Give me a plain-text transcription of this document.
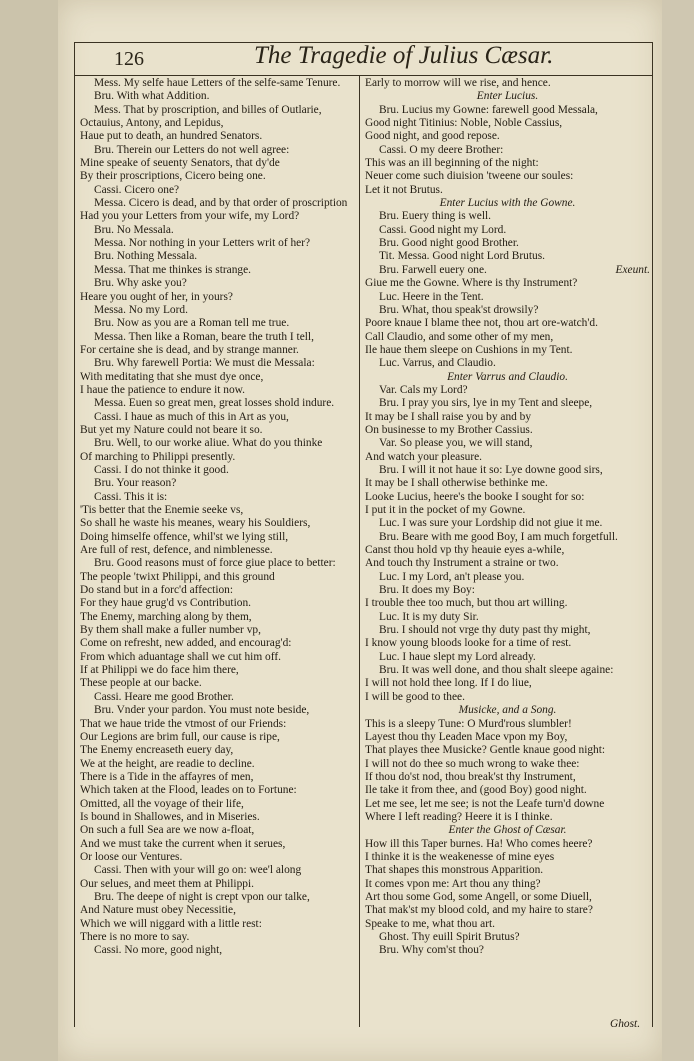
126	The Tragedie of Julius Cæsar.
Mess. My selfe haue Letters of the selfe-same Tenure.
Bru. With what Addition.
Mess. That by proscription, and billes of Outlarie,
Octauius, Antony, and Lepidus,
Haue put to death, an hundred Senators.
Bru. Therein our Letters do not well agree:
Mine speake of seuenty Senators, that dy'de
By their proscriptions, Cicero being one.
Cassi. Cicero one?
Messa. Cicero is dead, and by that order of proscription
Had you your Letters from your wife, my Lord?
Bru. No Messala.
Messa. Nor nothing in your Letters writ of her?
Bru. Nothing Messala.
Messa. That me thinkes is strange.
Bru. Why aske you?
Heare you ought of her, in yours?
Messa. No my Lord.
Bru. Now as you are a Roman tell me true.
Messa. Then like a Roman, beare the truth I tell,
For certaine she is dead, and by strange manner.
Bru. Why farewell Portia: We must die Messala:
With meditating that she must dye once,
I haue the patience to endure it now.
Messa. Euen so great men, great losses shold indure.
Cassi. I haue as much of this in Art as you,
But yet my Nature could not beare it so.
Bru. Well, to our worke aliue. What do you thinke
Of marching to Philippi presently.
Cassi. I do not thinke it good.
Bru. Your reason?
Cassi. This it is:
'Tis better that the Enemie seeke vs,
So shall he waste his meanes, weary his Souldiers,
Doing himselfe offence, whil'st we lying still,
Are full of rest, defence, and nimblenesse.
Bru. Good reasons must of force giue place to better:
The people 'twixt Philippi, and this ground
Do stand but in a forc'd affection:
For they haue grug'd vs Contribution.
The Enemy, marching along by them,
By them shall make a fuller number vp,
Come on refresht, new added, and encourag'd:
From which aduantage shall we cut him off.
If at Philippi we do face him there,
These people at our backe.
Cassi. Heare me good Brother.
Bru. Vnder your pardon. You must note beside,
That we haue tride the vtmost of our Friends:
Our Legions are brim full, our cause is ripe,
The Enemy encreaseth euery day,
We at the height, are readie to decline.
There is a Tide in the affayres of men,
Which taken at the Flood, leades on to Fortune:
Omitted, all the voyage of their life,
Is bound in Shallowes, and in Miseries.
On such a full Sea are we now a-float,
And we must take the current when it serues,
Or loose our Ventures.
Cassi. Then with your will go on: wee'l along
Our selues, and meet them at Philippi.
Bru. The deepe of night is crept vpon our talke,
And Nature must obey Necessitie,
Which we will niggard with a little rest:
There is no more to say.
Cassi. No more, good night,
Early to morrow will we rise, and hence.
Enter Lucius.
Bru. Lucius my Gowne: farewell good Messala,
Good night Titinius: Noble, Noble Cassius,
Good night, and good repose.
Cassi. O my deere Brother:
This was an ill beginning of the night:
Neuer come such diuision 'tweene our soules:
Let it not Brutus.
Enter Lucius with the Gowne.
Bru. Euery thing is well.
Cassi. Good night my Lord.
Bru. Good night good Brother.
Tit. Messa. Good night Lord Brutus.
Bru. Farwell euery one.	Exeunt.
Giue me the Gowne. Where is thy Instrument?
Luc. Heere in the Tent.
Bru. What, thou speak'st drowsily?
Poore knaue I blame thee not, thou art ore-watch'd.
Call Claudio, and some other of my men,
Ile haue them sleepe on Cushions in my Tent.
Luc. Varrus, and Claudio.
Enter Varrus and Claudio.
Var. Cals my Lord?
Bru. I pray you sirs, lye in my Tent and sleepe,
It may be I shall raise you by and by
On businesse to my Brother Cassius.
Var. So please you, we will stand,
And watch your pleasure.
Bru. I will it not haue it so: Lye downe good sirs,
It may be I shall otherwise bethinke me.
Looke Lucius, heere's the booke I sought for so:
I put it in the pocket of my Gowne.
Luc. I was sure your Lordship did not giue it me.
Bru. Beare with me good Boy, I am much forgetfull.
Canst thou hold vp thy heauie eyes a-while,
And touch thy Instrument a straine or two.
Luc. I my Lord, an't please you.
Bru. It does my Boy:
I trouble thee too much, but thou art willing.
Luc. It is my duty Sir.
Bru. I should not vrge thy duty past thy might,
I know young bloods looke for a time of rest.
Luc. I haue slept my Lord already.
Bru. It was well done, and thou shalt sleepe againe:
I will not hold thee long. If I do liue,
I will be good to thee.
Musicke, and a Song.
This is a sleepy Tune: O Murd'rous slumbler!
Layest thou thy Leaden Mace vpon my Boy,
That playes thee Musicke? Gentle knaue good night:
I will not do thee so much wrong to wake thee:
If thou do'st nod, thou break'st thy Instrument,
Ile take it from thee, and (good Boy) good night.
Let me see, let me see; is not the Leafe turn'd downe
Where I left reading? Heere it is I thinke.
Enter the Ghost of Cæsar.
How ill this Taper burnes. Ha! Who comes heere?
I thinke it is the weakenesse of mine eyes
That shapes this monstrous Apparition.
It comes vpon me: Art thou any thing?
Art thou some God, some Angell, or some Diuell,
That mak'st my blood cold, and my haire to stare?
Speake to me, what thou art.
Ghost. Thy euill Spirit Brutus?
Bru. Why com'st thou?
Ghost.
